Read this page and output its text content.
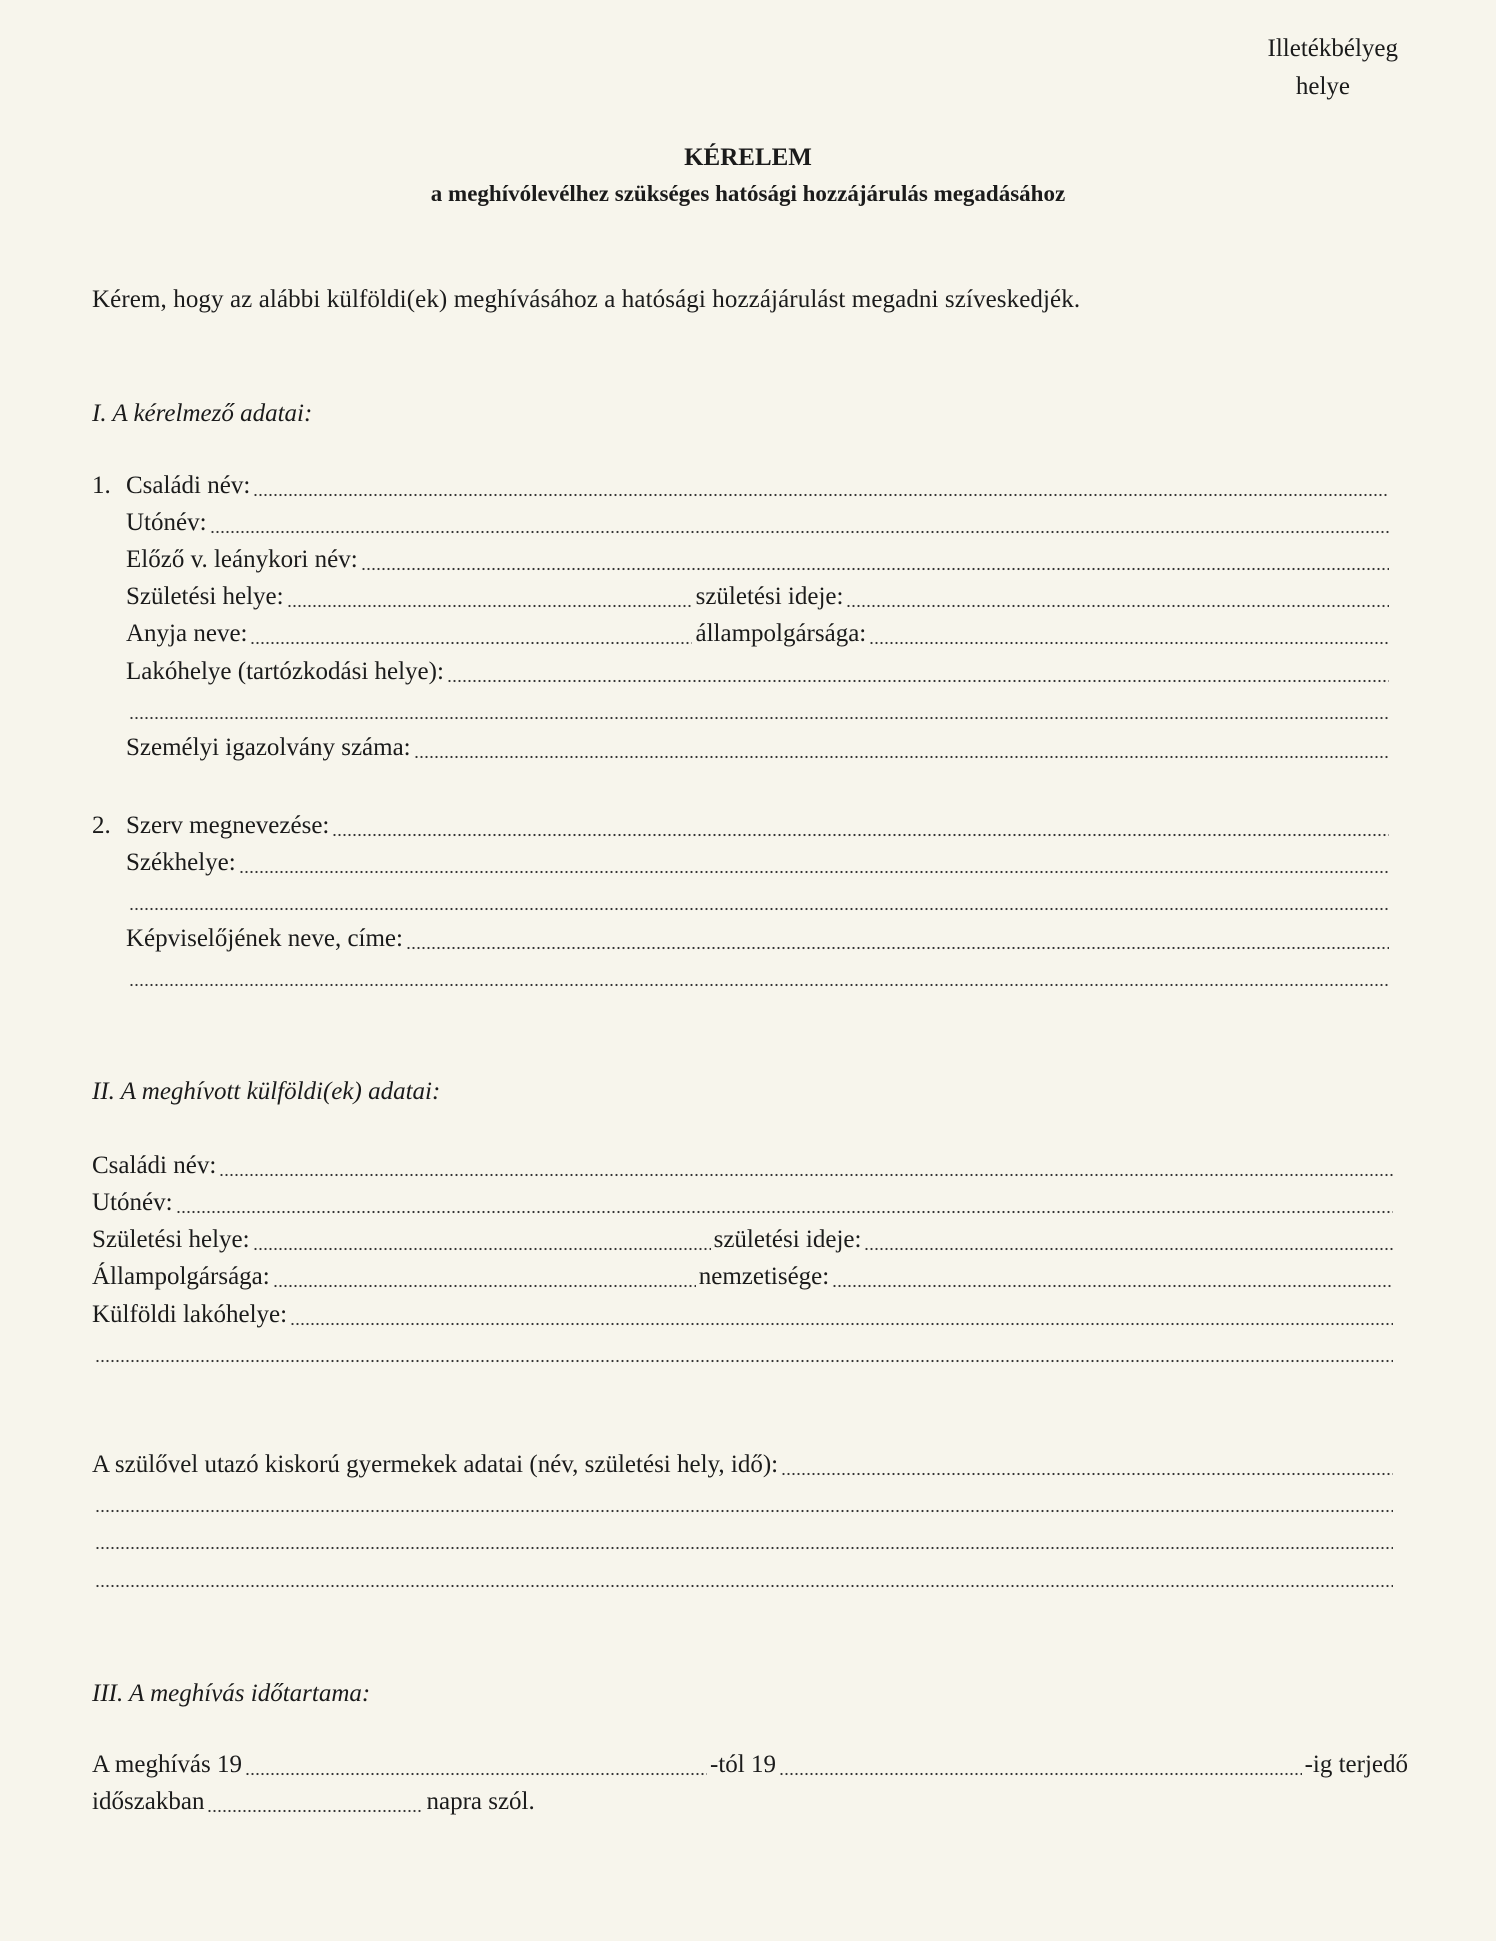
Illetékbélyeg
helye
KÉRELEM
a meghívólevélhez szükséges hatósági hozzájárulás megadásához
Kérem, hogy az alábbi külföldi(ek) meghívásához a hatósági hozzájárulást megadni szíveskedjék.
I. A kérelmező adatai:
1. Családi név:
Utónév:
Előző v. leánykori név:
Születési helye:	születési ideje:
Anyja neve:	állampolgársága:
Lakóhelye (tartózkodási helye):
Személyi igazolvány száma:
2. Szerv megnevezése:
Székhelye:
Képviselőjének neve, címe:
II. A meghívott külföldi(ek) adatai:
Családi név:
Utónév:
Születési helye:	születési ideje:
Állampolgársága:	nemzetisége:
Külföldi lakóhelye:
A szülővel utazó kiskorú gyermekek adatai (név, születési hely, idő):
III. A meghívás időtartama:
A meghívás 19	-tól 19	-ig terjedő
időszakban	napra szól.
